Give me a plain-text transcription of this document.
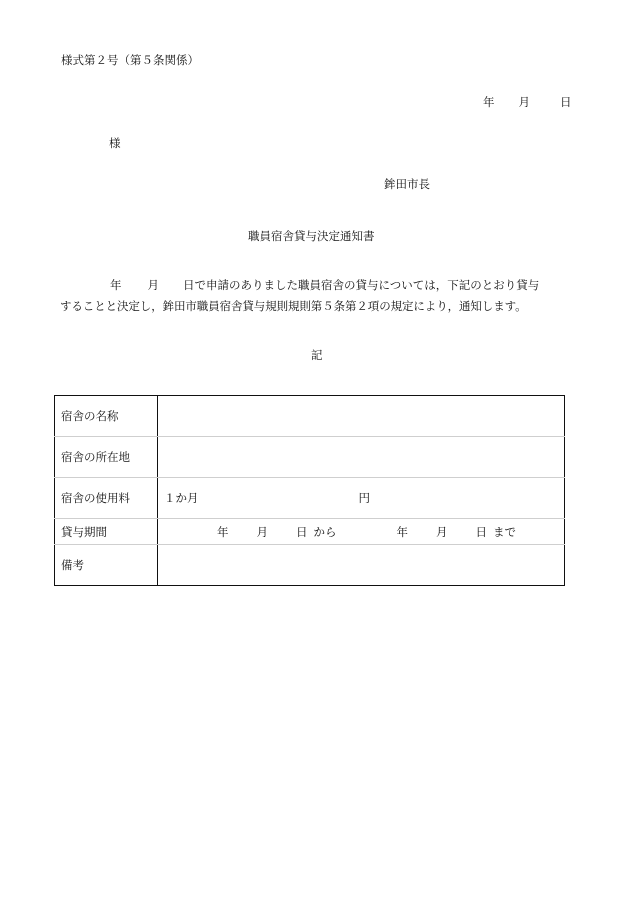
様式第２号（第５条関係）
年 月	日
様
鉾田市長
職員宿舎貸与決定通知書
年 月 日で申請のありました職員宿舎の貸与については，下記のとおり貸与
することと決定し，鉾田市職員宿舎貸与規則規則第５条第２項の規定により，通知します。
記
宿舎の名称	
宿舎の所在地	
宿舎の使用料	１か月 円
貸与期間	年 月 日 から 年 月 日 まで
備考	
